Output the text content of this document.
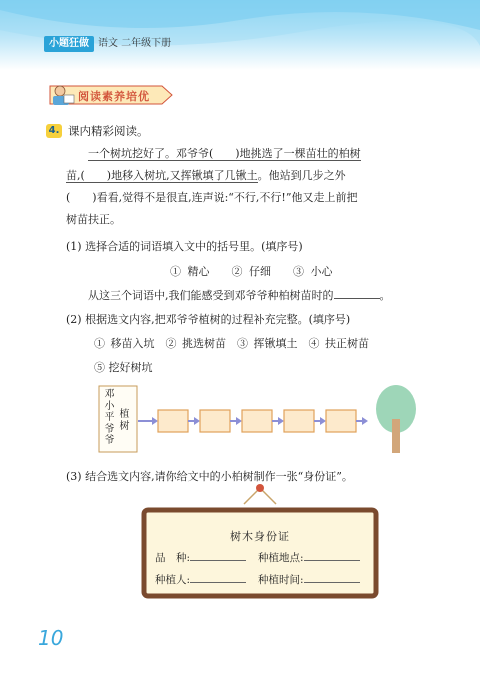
小题狂做 语文 二年级下册
阅读素养培优
4. 课内精彩阅读。
一个树坑挖好了。邓爷爷(　　)地挑选了一棵苗壮的柏树
苗,(　　)地移入树坑,又挥锹填了几锹土。他站到几步之外
(　　)看看,觉得不是很直,连声说:“不行,不行!”他又走上前把
树苗扶正。
(1) 选择合适的词语填入文中的括号里。(填序号)
① 精心　　② 仔细　　③ 小心
从这三个词语中,我们能感受到邓爷爷种柏树苗时的	。
(2) 根据选文内容,把邓爷爷植树的过程补充完整。(填序号)
① 移苗入坑　② 挑选树苗　③ 挥锹填土　④ 扶正树苗
⑤ 挖好树坑
邓
小
平
爷
爷
植
树
(3) 结合选文内容,请你给文中的小柏树制作一张“身份证”。
树木身份证
品　种:	种植地点:
种植人:	种植时间:
10
